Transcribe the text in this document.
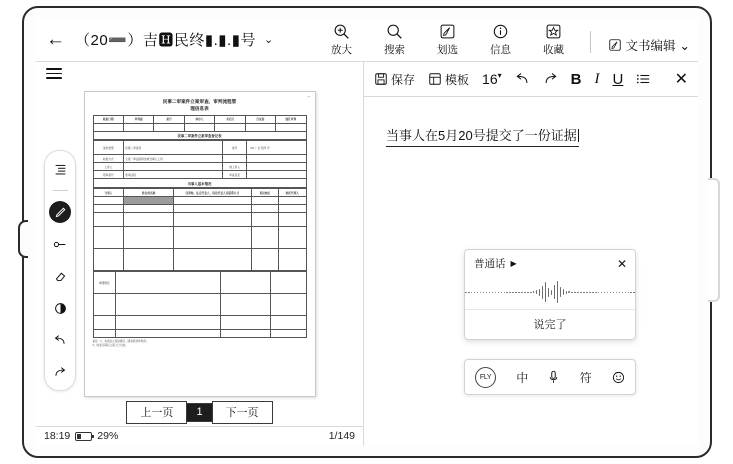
← （20➖）吉🅷民终▮.▮.▮号 ⌄
放大	搜索	划选	信息	收藏	文书编辑 ⌄
⌐
民事二审案件立案审查、审判流程管
理信息表
收案日期	审判庭	案号	承办人	书记员	合议庭	独任审判

民事二审案件立案审查登记表
案件类型	民事二审案件	案号	（20 ）吉 民终 号
收案方式	立案一审法院移送或当事人上诉		
上诉人		被上诉人	
原审案号	原审法院	审查意见	
当事人基本情况
当事人	姓名或名称	住所地、法定代表人、诉讼代表人及联系方式	诉讼地位	委托代理人

审理情况			

备注：1、本表由立案庭填写，随卷移送审判庭；
2、收案日期以立案之日为准。
上一页	1	下一页
18:19	29%	1/149
保存	模板 16▾	B I U	✕
当事人在5月20号提交了一份证据
普通话 ▶	✕
说完了
FLY	中	符
